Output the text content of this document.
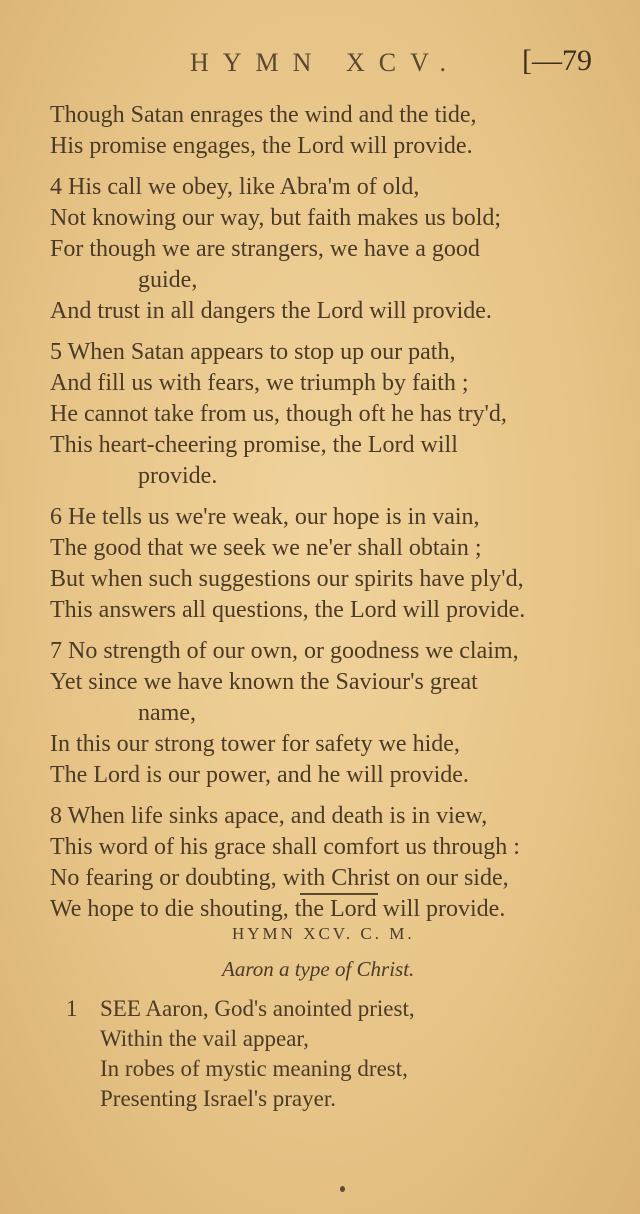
HYMN XCV. [—79
Though Satan enrages the wind and the tide,
His promise engages, the Lord will provide.
4 His call we obey, like Abra'm of old,
Not knowing our way, but faith makes us bold;
For though we are strangers, we have a good
guide,
And trust in all dangers the Lord will provide.
5 When Satan appears to stop up our path,
And fill us with fears, we triumph by faith ;
He cannot take from us, though oft he has try'd,
This heart-cheering promise, the Lord will
provide.
6 He tells us we're weak, our hope is in vain,
The good that we seek we ne'er shall obtain ;
But when such suggestions our spirits have ply'd,
This answers all questions, the Lord will provide.
7 No strength of our own, or goodness we claim,
Yet since we have known the Saviour's great
name,
In this our strong tower for safety we hide,
The Lord is our power, and he will provide.
8 When life sinks apace, and death is in view,
This word of his grace shall comfort us through :
No fearing or doubting, with Christ on our side,
We hope to die shouting, the Lord will provide.
HYMN XCV. C. M.
Aaron a type of Christ.
1 SEE Aaron, God's anointed priest,
Within the vail appear,
In robes of mystic meaning drest,
Presenting Israel's prayer.
